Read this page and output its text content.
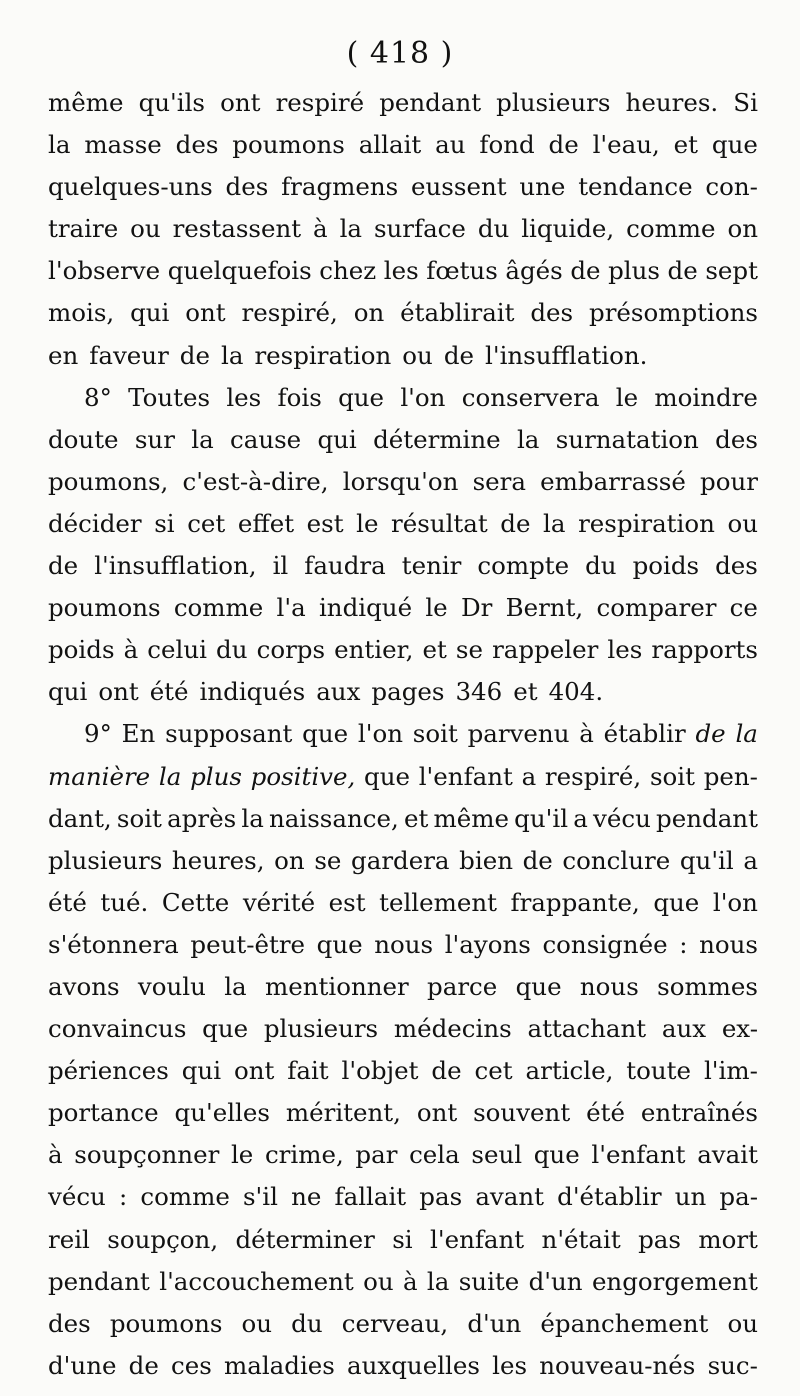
( 418 )
même qu'ils ont respiré pendant plusieurs heures. Si
la masse des poumons allait au fond de l'eau, et que
quelques-uns des fragmens eussent une tendance con-
traire ou restassent à la surface du liquide, comme on
l'observe quelquefois chez les fœtus âgés de plus de sept
mois, qui ont respiré, on établirait des présomptions
en faveur de la respiration ou de l'insufflation.
8° Toutes les fois que l'on conservera le moindre
doute sur la cause qui détermine la surnatation des
poumons, c'est-à-dire, lorsqu'on sera embarrassé pour
décider si cet effet est le résultat de la respiration ou
de l'insufflation, il faudra tenir compte du poids des
poumons comme l'a indiqué le Dr Bernt, comparer ce
poids à celui du corps entier, et se rappeler les rapports
qui ont été indiqués aux pages 346 et 404.
9° En supposant que l'on soit parvenu à établir de la
manière la plus positive, que l'enfant a respiré, soit pen-
dant, soit après la naissance, et même qu'il a vécu pendant
plusieurs heures, on se gardera bien de conclure qu'il a
été tué. Cette vérité est tellement frappante, que l'on
s'étonnera peut-être que nous l'ayons consignée : nous
avons voulu la mentionner parce que nous sommes
convaincus que plusieurs médecins attachant aux ex-
périences qui ont fait l'objet de cet article, toute l'im-
portance qu'elles méritent, ont souvent été entraînés
à soupçonner le crime, par cela seul que l'enfant avait
vécu : comme s'il ne fallait pas avant d'établir un pa-
reil soupçon, déterminer si l'enfant n'était pas mort
pendant l'accouchement ou à la suite d'un engorgement
des poumons ou du cerveau, d'un épanchement ou
d'une de ces maladies auxquelles les nouveau-nés suc-
